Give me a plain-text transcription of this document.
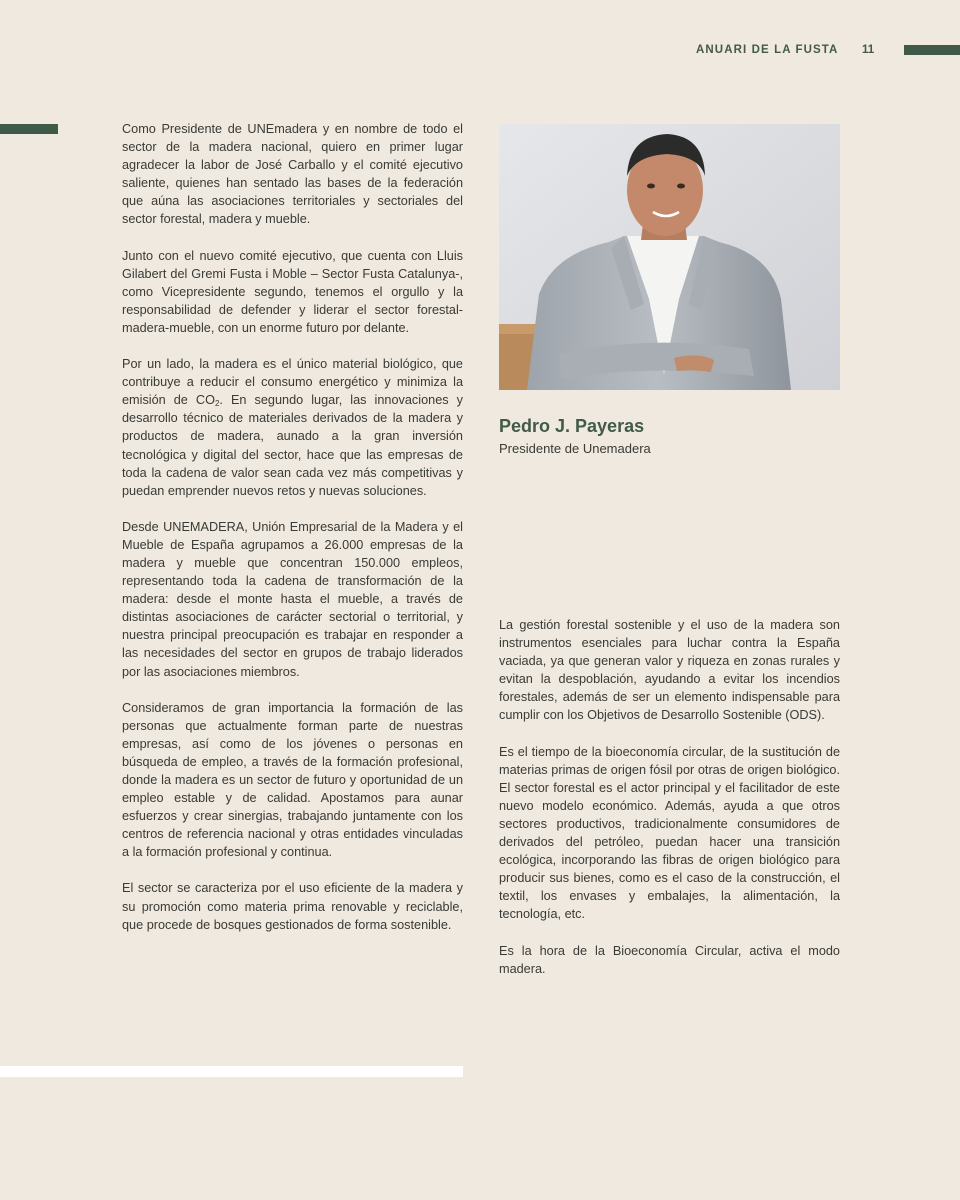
ANUARI DE LA FUSTA 11

Como Presidente de UNEmadera y en nombre de todo el sector de la madera nacional, quiero en primer lugar agradecer la labor de José Carballo y el comité ejecutivo saliente, quienes han sentado las bases de la federación que aúna las asociaciones territoriales y sectoriales del sector forestal, madera y mueble.

Junto con el nuevo comité ejecutivo, que cuenta con Lluis Gilabert del Gremi Fusta i Moble – Sector Fusta Catalunya-, como Vicepresidente segundo, tenemos el orgullo y la responsabilidad de defender y liderar el sector forestal-madera-mueble, con un enorme futuro por delante.

Por un lado, la madera es el único material biológico, que contribuye a reducir el consumo energético y minimiza la emisión de $CO_2$. En segundo lugar, las innovaciones y desarrollo técnico de materiales derivados de la madera y productos de madera, aunado a la gran inversión tecnológica y digital del sector, hace que las empresas de toda la cadena de valor sean cada vez más competitivas y puedan emprender nuevos retos y nuevas soluciones.

Desde UNEMADERA, Unión Empresarial de la Madera y el Mueble de España agrupamos a 26.000 empresas de la madera y mueble que concentran 150.000 empleos, representando toda la cadena de transformación de la madera: desde el monte hasta el mueble, a través de distintas asociaciones de carácter sectorial o territorial, y nuestra principal preocupación es trabajar en responder a las necesidades del sector en grupos de trabajo liderados por las asociaciones miembros.

Consideramos de gran importancia la formación de las personas que actualmente forman parte de nuestras empresas, así como de los jóvenes o personas en búsqueda de empleo, a través de la formación profesional, donde la madera es un sector de futuro y oportunidad de un empleo estable y de calidad. Apostamos para aunar esfuerzos y crear sinergias, trabajando juntamente con los centros de referencia nacional y otras entidades vinculadas a la formación profesional y continua.

El sector se caracteriza por el uso eficiente de la madera y su promoción como materia prima renovable y reciclable, que procede de bosques gestionados de forma sostenible.

Pedro J. Payeras
Presidente de Unemadera

La gestión forestal sostenible y el uso de la madera son instrumentos esenciales para luchar contra la España vaciada, ya que generan valor y riqueza en zonas rurales y evitan la despoblación, ayudando a evitar los incendios forestales, además de ser un elemento indispensable para cumplir con los Objetivos de Desarrollo Sostenible (ODS).

Es el tiempo de la bioeconomía circular, de la sustitución de materias primas de origen fósil por otras de origen biológico. El sector forestal es el actor principal y el facilitador de este nuevo modelo económico. Además, ayuda a que otros sectores productivos, tradicionalmente consumidores de derivados del petróleo, puedan hacer una transición ecológica, incorporando las fibras de origen biológico para producir sus bienes, como es el caso de la construcción, el textil, los envases y embalajes, la alimentación, la tecnología, etc.

Es la hora de la Bioeconomía Circular, activa el modo madera.
